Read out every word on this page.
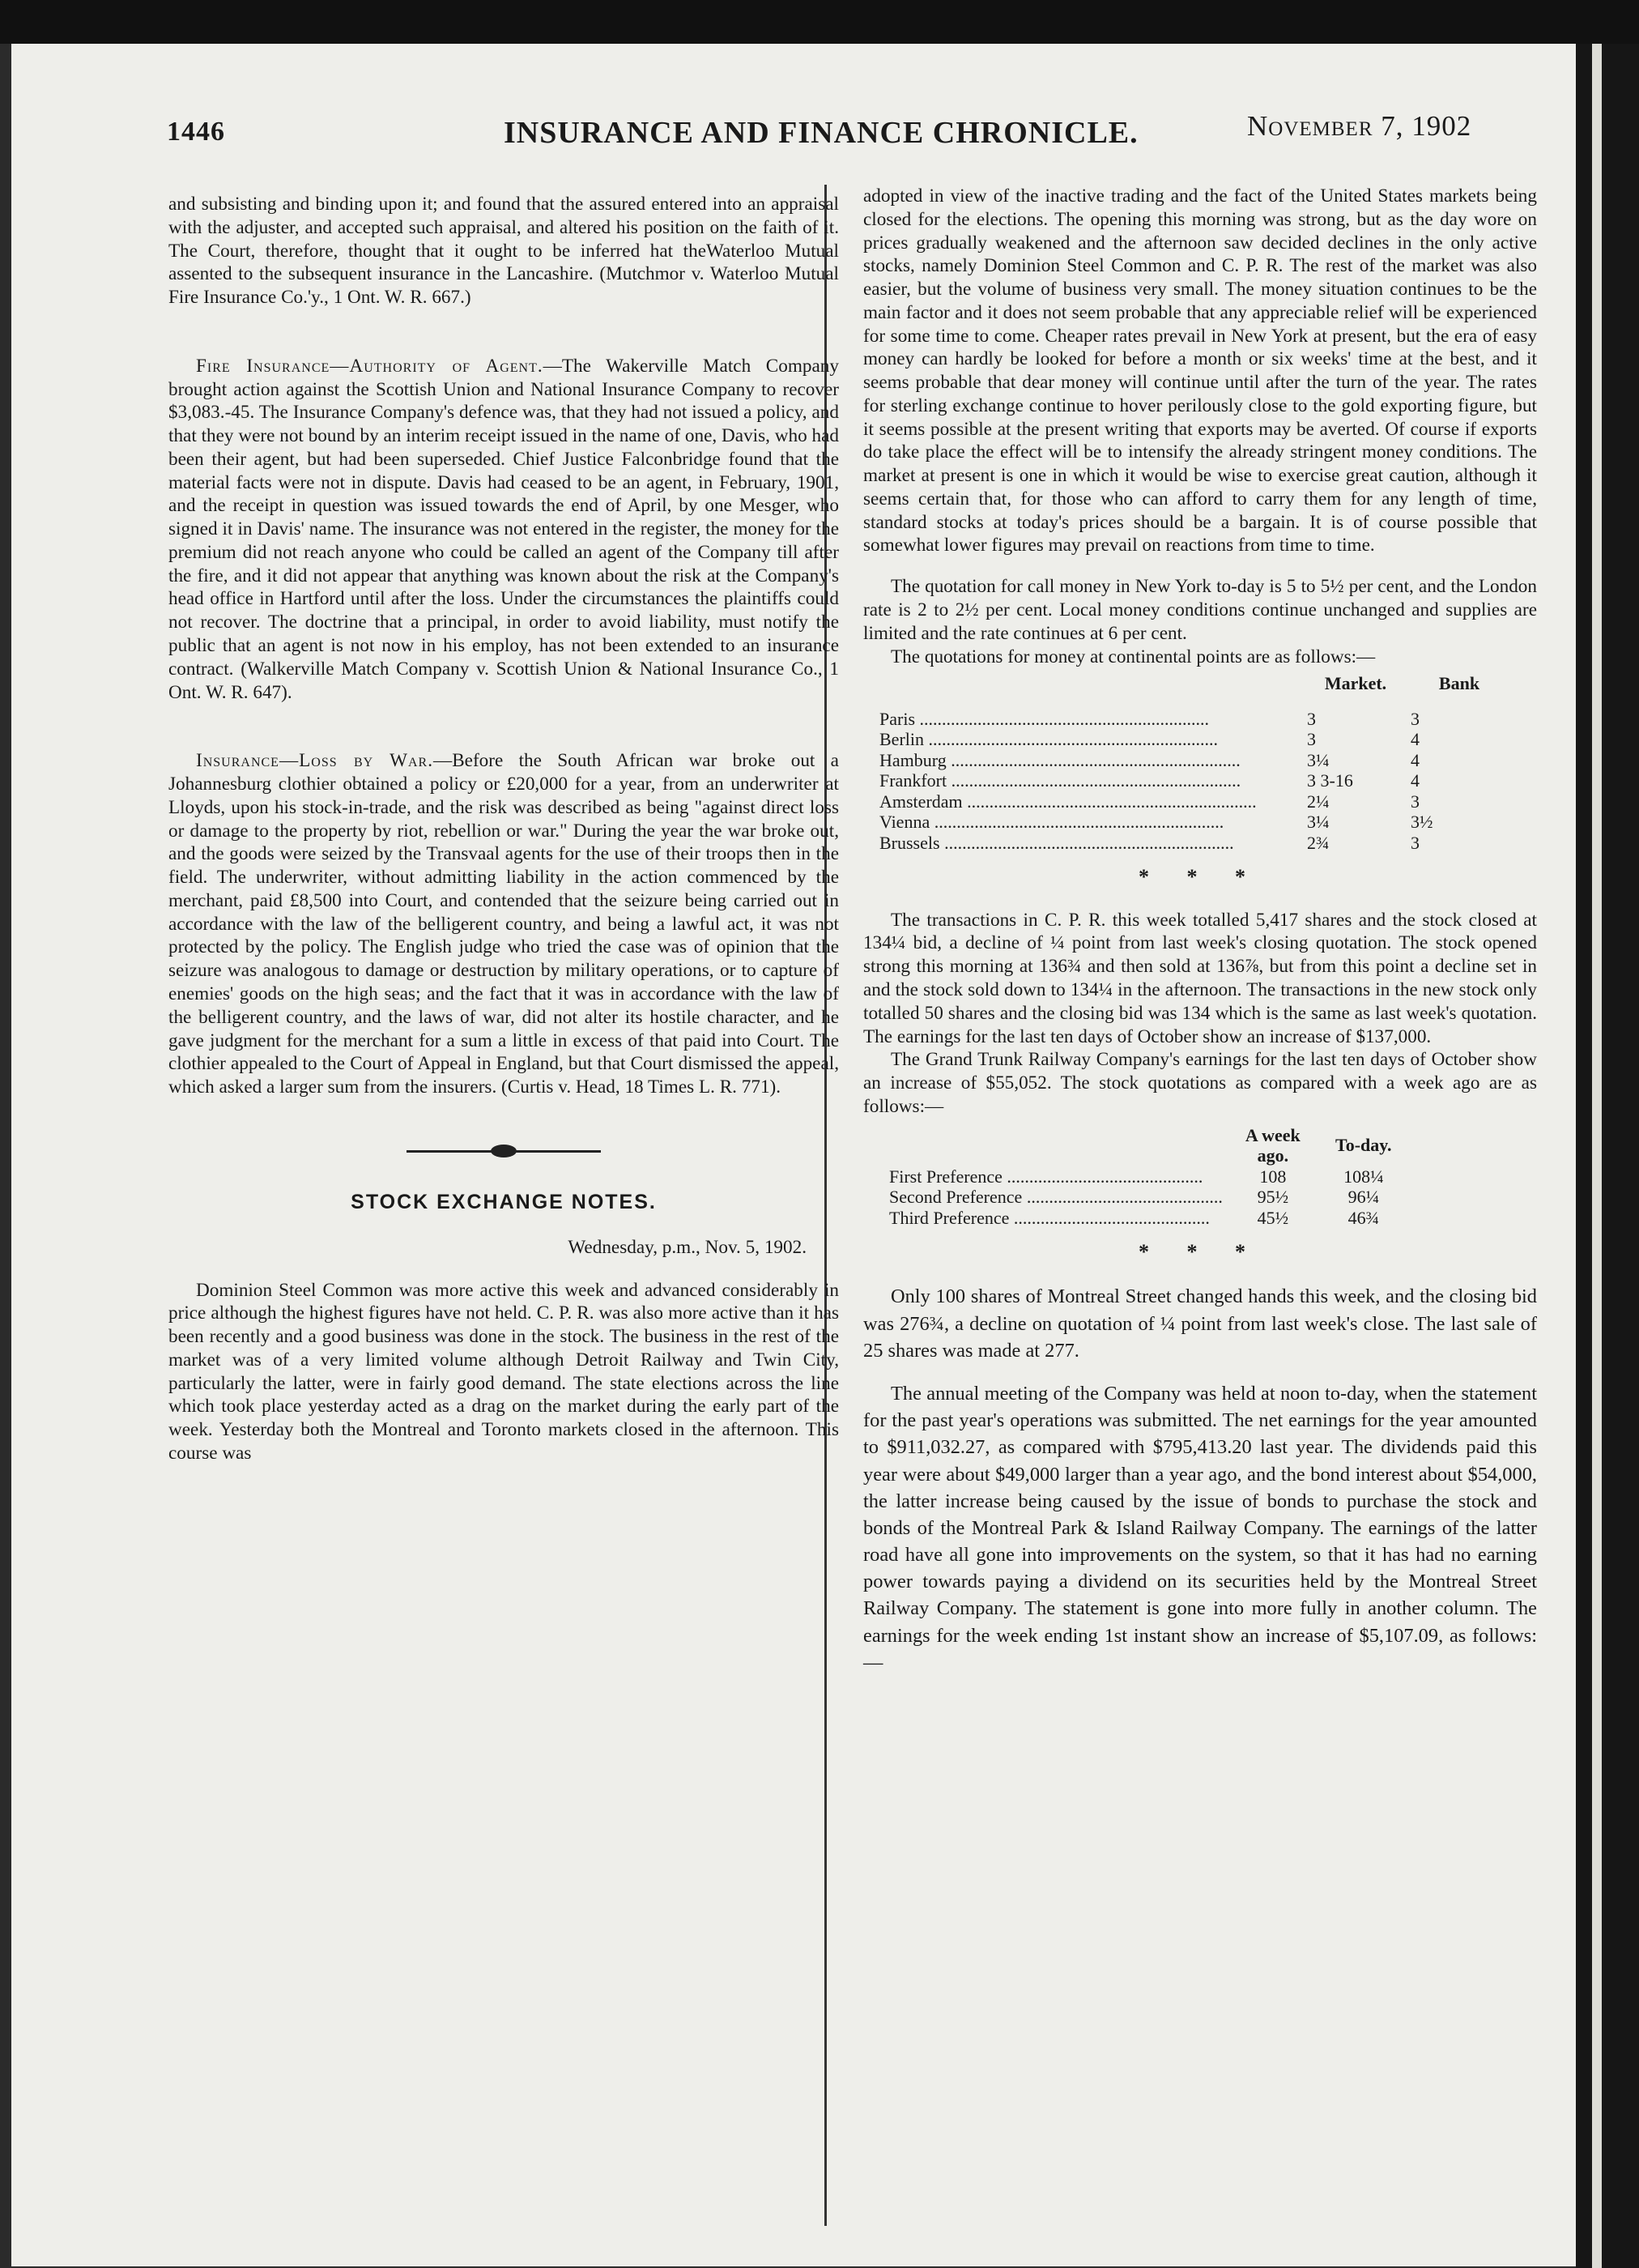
1446	INSURANCE AND FINANCE CHRONICLE.	November 7, 1902

and subsisting and binding upon it; and found that the assured entered into an appraisal with the adjuster, and accepted such appraisal, and altered his position on the faith of it. The Court, therefore, thought that it ought to be inferred hat theWaterloo Mutual assented to the subsequent insurance in the Lancashire. (Mutchmor v. Waterloo Mutual Fire Insurance Co.'y., 1 Ont. W. R. 667.)

Fire Insurance—Authority of Agent.—The Wakerville Match Company brought action against the Scottish Union and National Insurance Company to recover $3,083.-45. The Insurance Company's defence was, that they had not issued a policy, and that they were not bound by an interim receipt issued in the name of one, Davis, who had been their agent, but had been superseded. Chief Justice Falconbridge found that the material facts were not in dispute. Davis had ceased to be an agent, in February, 1901, and the receipt in question was issued towards the end of April, by one Mesger, who signed it in Davis' name. The insurance was not entered in the register, the money for the premium did not reach anyone who could be called an agent of the Company till after the fire, and it did not appear that anything was known about the risk at the Company's head office in Hartford until after the loss. Under the circumstances the plaintiffs could not recover. The doctrine that a principal, in order to avoid liability, must notify the public that an agent is not now in his employ, has not been extended to an insurance contract. (Walkerville Match Company v. Scottish Union & National Insurance Co., 1 Ont. W. R. 647).

Insurance—Loss by War.—Before the South African war broke out a Johannesburg clothier obtained a policy or £20,000 for a year, from an underwriter at Lloyds, upon his stock-in-trade, and the risk was described as being "against direct loss or damage to the property by riot, rebellion or war." During the year the war broke out, and the goods were seized by the Transvaal agents for the use of their troops then in the field. The underwriter, without admitting liability in the action commenced by the merchant, paid £8,500 into Court, and contended that the seizure being carried out in accordance with the law of the belligerent country, and being a lawful act, it was not protected by the policy. The English judge who tried the case was of opinion that the seizure was analogous to damage or destruction by military operations, or to capture of enemies' goods on the high seas; and the fact that it was in accordance with the law of the belligerent country, and the laws of war, did not alter its hostile character, and he gave judgment for the merchant for a sum a little in excess of that paid into Court. The clothier appealed to the Court of Appeal in England, but that Court dismissed the appeal, which asked a larger sum from the insurers. (Curtis v. Head, 18 Times L. R. 771).

STOCK EXCHANGE NOTES.
Wednesday, p.m., Nov. 5, 1902.

Dominion Steel Common was more active this week and advanced considerably in price although the highest figures have not held. C. P. R. was also more active than it has been recently and a good business was done in the stock. The business in the rest of the market was of a very limited volume although Detroit Railway and Twin City, particularly the latter, were in fairly good demand. The state elections across the line which took place yesterday acted as a drag on the market during the early part of the week. Yesterday both the Montreal and Toronto markets closed in the afternoon. This course was

adopted in view of the inactive trading and the fact of the United States markets being closed for the elections. The opening this morning was strong, but as the day wore on prices gradually weakened and the afternoon saw decided declines in the only active stocks, namely Dominion Steel Common and C. P. R. The rest of the market was also easier, but the volume of business very small. The money situation continues to be the main factor and it does not seem probable that any appreciable relief will be experienced for some time to come. Cheaper rates prevail in New York at present, but the era of easy money can hardly be looked for before a month or six weeks' time at the best, and it seems probable that dear money will continue until after the turn of the year. The rates for sterling exchange continue to hover perilously close to the gold exporting figure, but it seems possible at the present writing that exports may be averted. Of course if exports do take place the effect will be to intensify the already stringent money conditions. The market at present is one in which it would be wise to exercise great caution, although it seems certain that, for those who can afford to carry them for any length of time, standard stocks at today's prices should be a bargain. It is of course possible that somewhat lower figures may prevail on reactions from time to time.

The quotation for call money in New York to-day is 5 to 5½ per cent, and the London rate is 2 to 2½ per cent. Local money conditions continue unchanged and supplies are limited and the rate continues at 6 per cent.

The quotations for money at continental points are as follows:—

	Market.	Bank

Paris .....	3	3
Berlin .....	3	4
Hamburg .....	3¼	4
Frankfort .....	3 3-16	4
Amsterdam .....	2¼	3
Vienna .....	3¼	3½
Brussels .....	2¾	3
* * *

The transactions in C. P. R. this week totalled 5,417 shares and the stock closed at 134¼ bid, a decline of ¼ point from last week's closing quotation. The stock opened strong this morning at 136¾ and then sold at 136⅞, but from this point a decline set in and the stock sold down to 134¼ in the afternoon. The transactions in the new stock only totalled 50 shares and the closing bid was 134 which is the same as last week's quotation. The earnings for the last ten days of October show an increase of $137,000.

The Grand Trunk Railway Company's earnings for the last ten days of October show an increase of $55,052. The stock quotations as compared with a week ago are as follows:—

	A week ago.	To-day.
First Preference .....	108	108¼
Second Preference .....	95½	96¼
Third Preference .....	45½	46¾
* * *

Only 100 shares of Montreal Street changed hands this week, and the closing bid was 276¾, a decline on quotation of ¼ point from last week's close. The last sale of 25 shares was made at 277.

The annual meeting of the Company was held at noon to-day, when the statement for the past year's operations was submitted. The net earnings for the year amounted to $911,032.27, as compared with $795,413.20 last year. The dividends paid this year were about $49,000 larger than a year ago, and the bond interest about $54,000, the latter increase being caused by the issue of bonds to purchase the stock and bonds of the Montreal Park & Island Railway Company. The earnings of the latter road have all gone into improvements on the system, so that it has had no earning power towards paying a dividend on its securities held by the Montreal Street Railway Company. The statement is gone into more fully in another column. The earnings for the week ending 1st instant show an increase of $5,107.09, as follows:—
